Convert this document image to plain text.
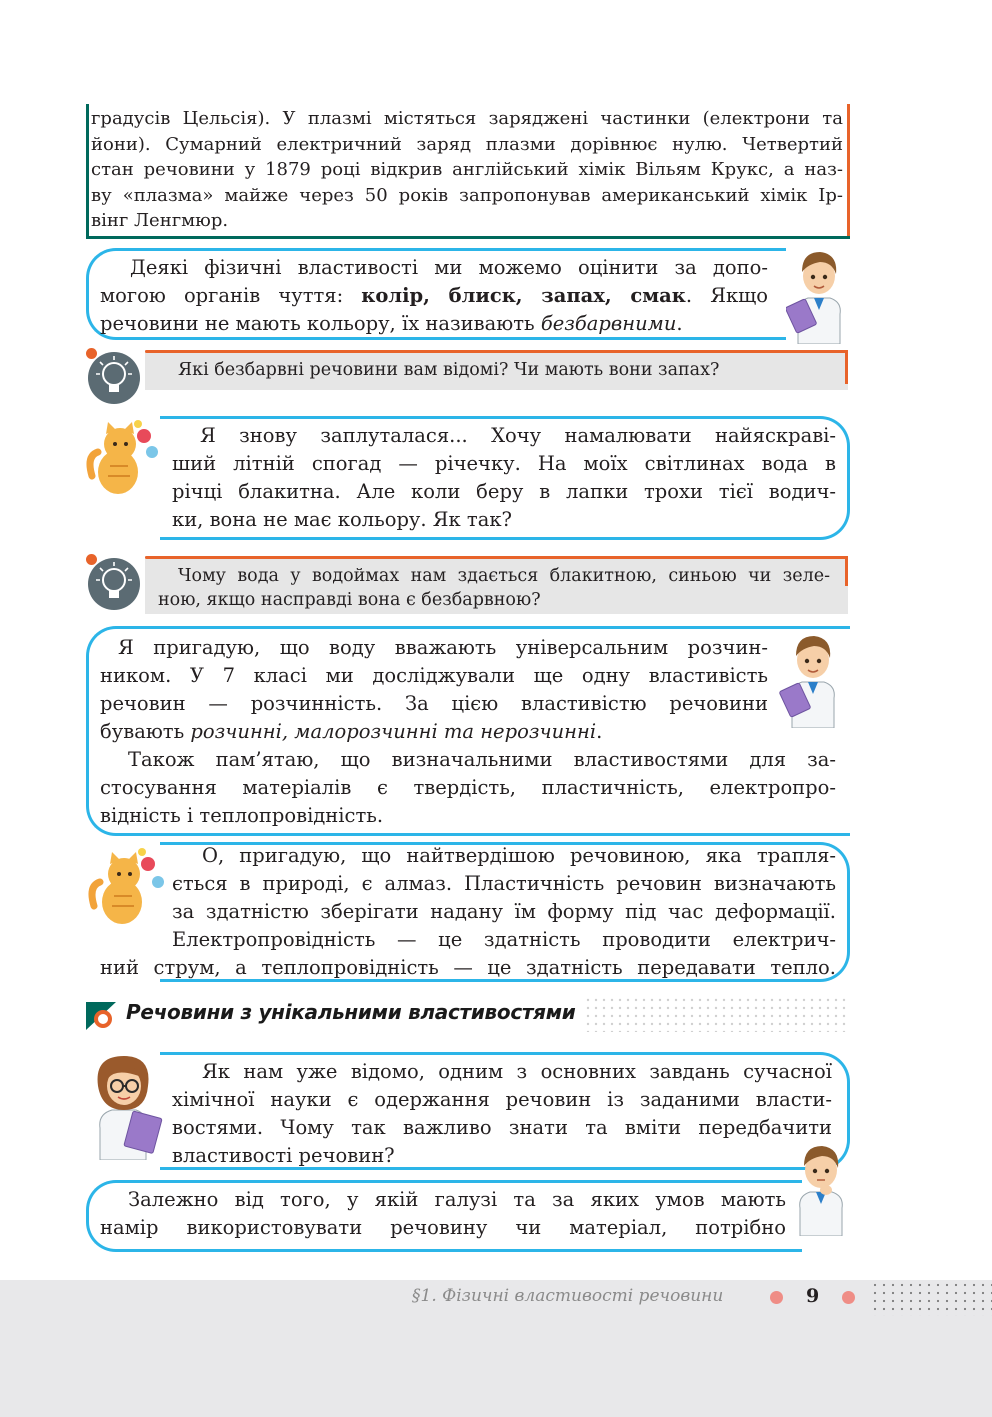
градусів Цельсія). У плазмі містяться заряджені частинки (електрони та
йони). Сумарний електричний заряд плазми дорівнює нулю. Четвертий
стан речовини у 1879 році відкрив англійський хімік Вільям Крукс, а наз-
ву «плазма» майже через 50 років запропонував американський хімік Ір-
вінг Ленгмюр.
Деякі фізичні властивості ми можемо оцінити за допо-
могою органів чуття: колір, блиск, запах, смак. Якщо
речовини не мають кольору, їх називають безбарвними.
Які безбарвні речовини вам відомі? Чи мають вони запах?
Я знову заплуталася... Хочу намалювати найяскраві-
ший літній спогад — річечку. На моїх світлинах вода в
річці блакитна. Але коли беру в лапки трохи тієї водич-
ки, вона не має кольору. Як так?
Чому вода у водоймах нам здається блакитною, синьою чи зеле-
ною, якщо насправді вона є безбарвною?
Я пригадую, що воду вважають універсальним розчин-
ником. У 7 класі ми досліджували ще одну властивість
речовин — розчинність. За цією властивістю речовини
бувають розчинні, малорозчинні та нерозчинні.
Також пам’ятаю, що визначальними властивостями для за-
стосування матеріалів є твердість, пластичність, електропро-
відність і теплопровідність.
О, пригадую, що найтвердішою речовиною, яка трапля-
ється в природі, є алмаз. Пластичність речовин визначають
за здатністю зберігати надану їм форму під час деформації.
Електропровідність — це здатність проводити електрич-
ний струм, а теплопровідність — це здатність передавати тепло.
Речовини з унікальними властивостями
Як нам уже відомо, одним з основних завдань сучасної
хімічної науки є одержання речовин із заданими власти-
востями. Чому так важливо знати та вміти передбачити
властивості речовин?
Залежно від того, у якій галузі та за яких умов мають
намір використовувати речовину чи матеріал, потрібно
§1. Фізичні властивості речовини	9
